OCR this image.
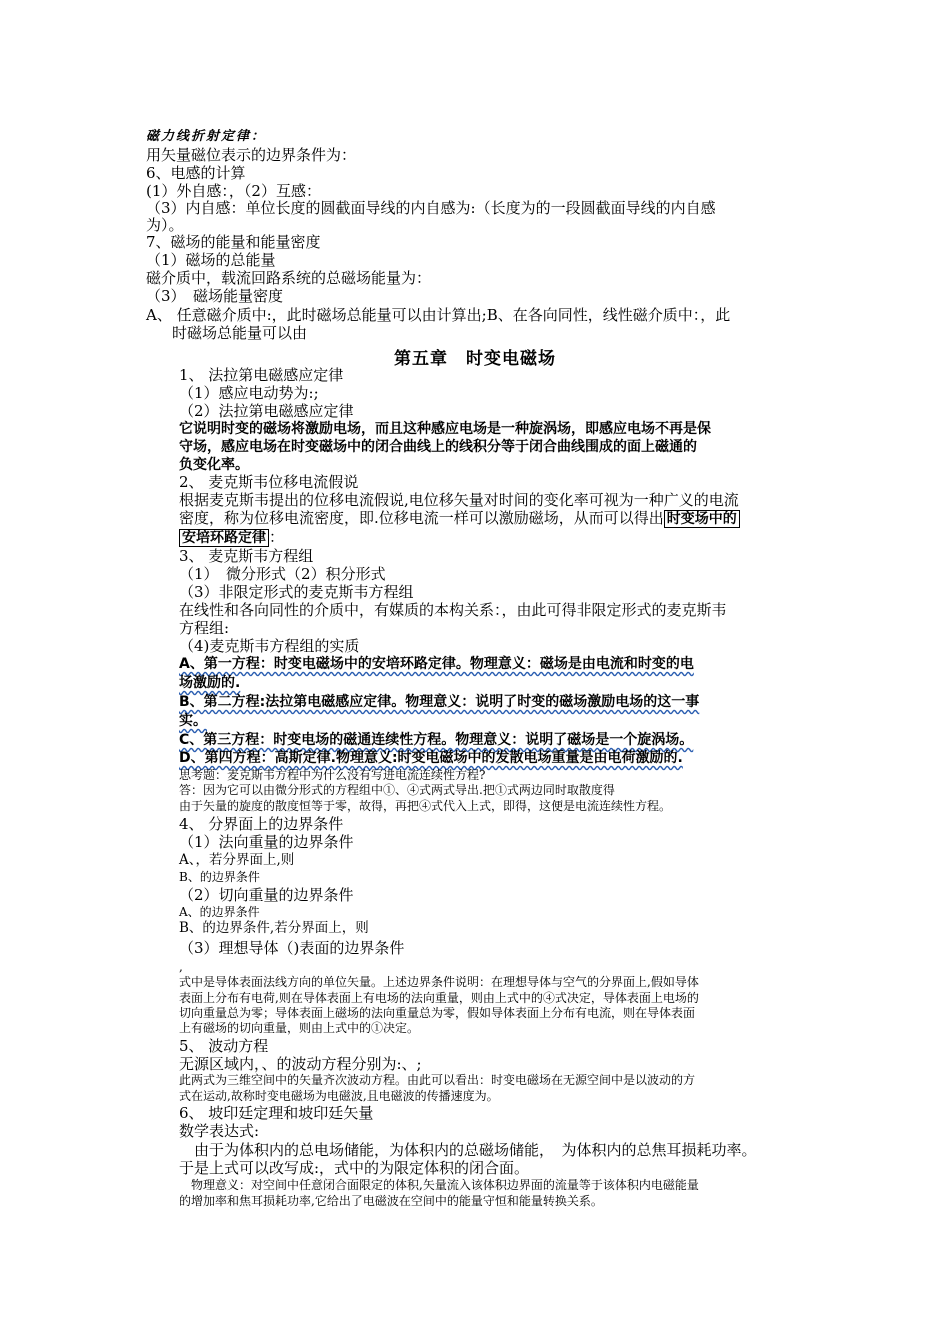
磁力线折射定律：
用矢量磁位表示的边界条件为：
6、电感的计算
(1）外自感：，（2）互感：
（3）内自感：单位长度的圆截面导线的内自感为:（长度为的一段圆截面导线的内自感
为）。
7、磁场的能量和能量密度
（1）磁场的总能量
磁介质中，载流回路系统的总磁场能量为：
（3）　磁场能量密度
A、 任意磁介质中:，此时磁场总能量可以由计算出;B、在各向同性，线性磁介质中：，此
时磁场总能量可以由
第五章　时变电磁场
1、 法拉第电磁感应定律
（1）感应电动势为:;
（2）法拉第电磁感应定律
它说明时变的磁场将激励电场，而且这种感应电场是一种旋涡场，即感应电场不再是保
守场，感应电场在时变磁场中的闭合曲线上的线积分等于闭合曲线围成的面上磁通的
负变化率。
2、 麦克斯韦位移电流假说
根据麦克斯韦提出的位移电流假说,电位移矢量对时间的变化率可视为一种广义的电流
密度，称为位移电流密度，即.位移电流一样可以激励磁场，从而可以得出 时变场中的
安培环路定律 ：
3、 麦克斯韦方程组
（1）　微分形式（2）积分形式
（3）非限定形式的麦克斯韦方程组
在线性和各向同性的介质中，有媒质的本构关系：，由此可得非限定形式的麦克斯韦
方程组:
（4)麦克斯韦方程组的实质
A、第一方程：时变电磁场中的安培环路定律。物理意义：磁场是由电流和时变的电
场激励的.
B、第二方程:法拉第电磁感应定律。物理意义：说明了时变的磁场激励电场的这一事
实。
C、第三方程：时变电场的磁通连续性方程。物理意义：说明了磁场是一个旋涡场。
D、第四方程：高斯定律.物理意义:时变电磁场中的发散电场重量是由电荷激励的.
思考题：麦克斯韦方程中为什么没有写进电流连续性方程?
答：因为它可以由微分形式的方程组中①、④式两式导出.把①式两边同时取散度得
由于矢量的旋度的散度恒等于零，故得，再把④式代入上式，即得，这便是电流连续性方程。
4、 分界面上的边界条件
（1）法向重量的边界条件
A、，若分界面上,则
B、的边界条件
（2）切向重量的边界条件
A、的边界条件
B、的边界条件,若分界面上，则
（3）理想导体（)表面的边界条件
,
式中是导体表面法线方向的单位矢量。上述边界条件说明：在理想导体与空气的分界面上,假如导体
表面上分布有电荷,则在导体表面上有电场的法向重量，则由上式中的④式决定，导体表面上电场的
切向重量总为零；导体表面上磁场的法向重量总为零，假如导体表面上分布有电流，则在导体表面
上有磁场的切向重量，则由上式中的①决定。
5、 波动方程
无源区域内，、的波动方程分别为:、;
此两式为三维空间中的矢量齐次波动方程。由此可以看出：时变电磁场在无源空间中是以波动的方
式在运动,故称时变电磁场为电磁波,且电磁波的传播速度为。
6、 坡印廷定理和坡印廷矢量
数学表达式:
　由于为体积内的总电场储能，为体积内的总磁场储能，　为体积内的总焦耳损耗功率。
于是上式可以改写成:，式中的为限定体积的闭合面。
　物理意义：对空间中任意闭合面限定的体积,矢量流入该体积边界面的流量等于该体积内电磁能量
的增加率和焦耳损耗功率,它给出了电磁波在空间中的能量守恒和能量转换关系。
